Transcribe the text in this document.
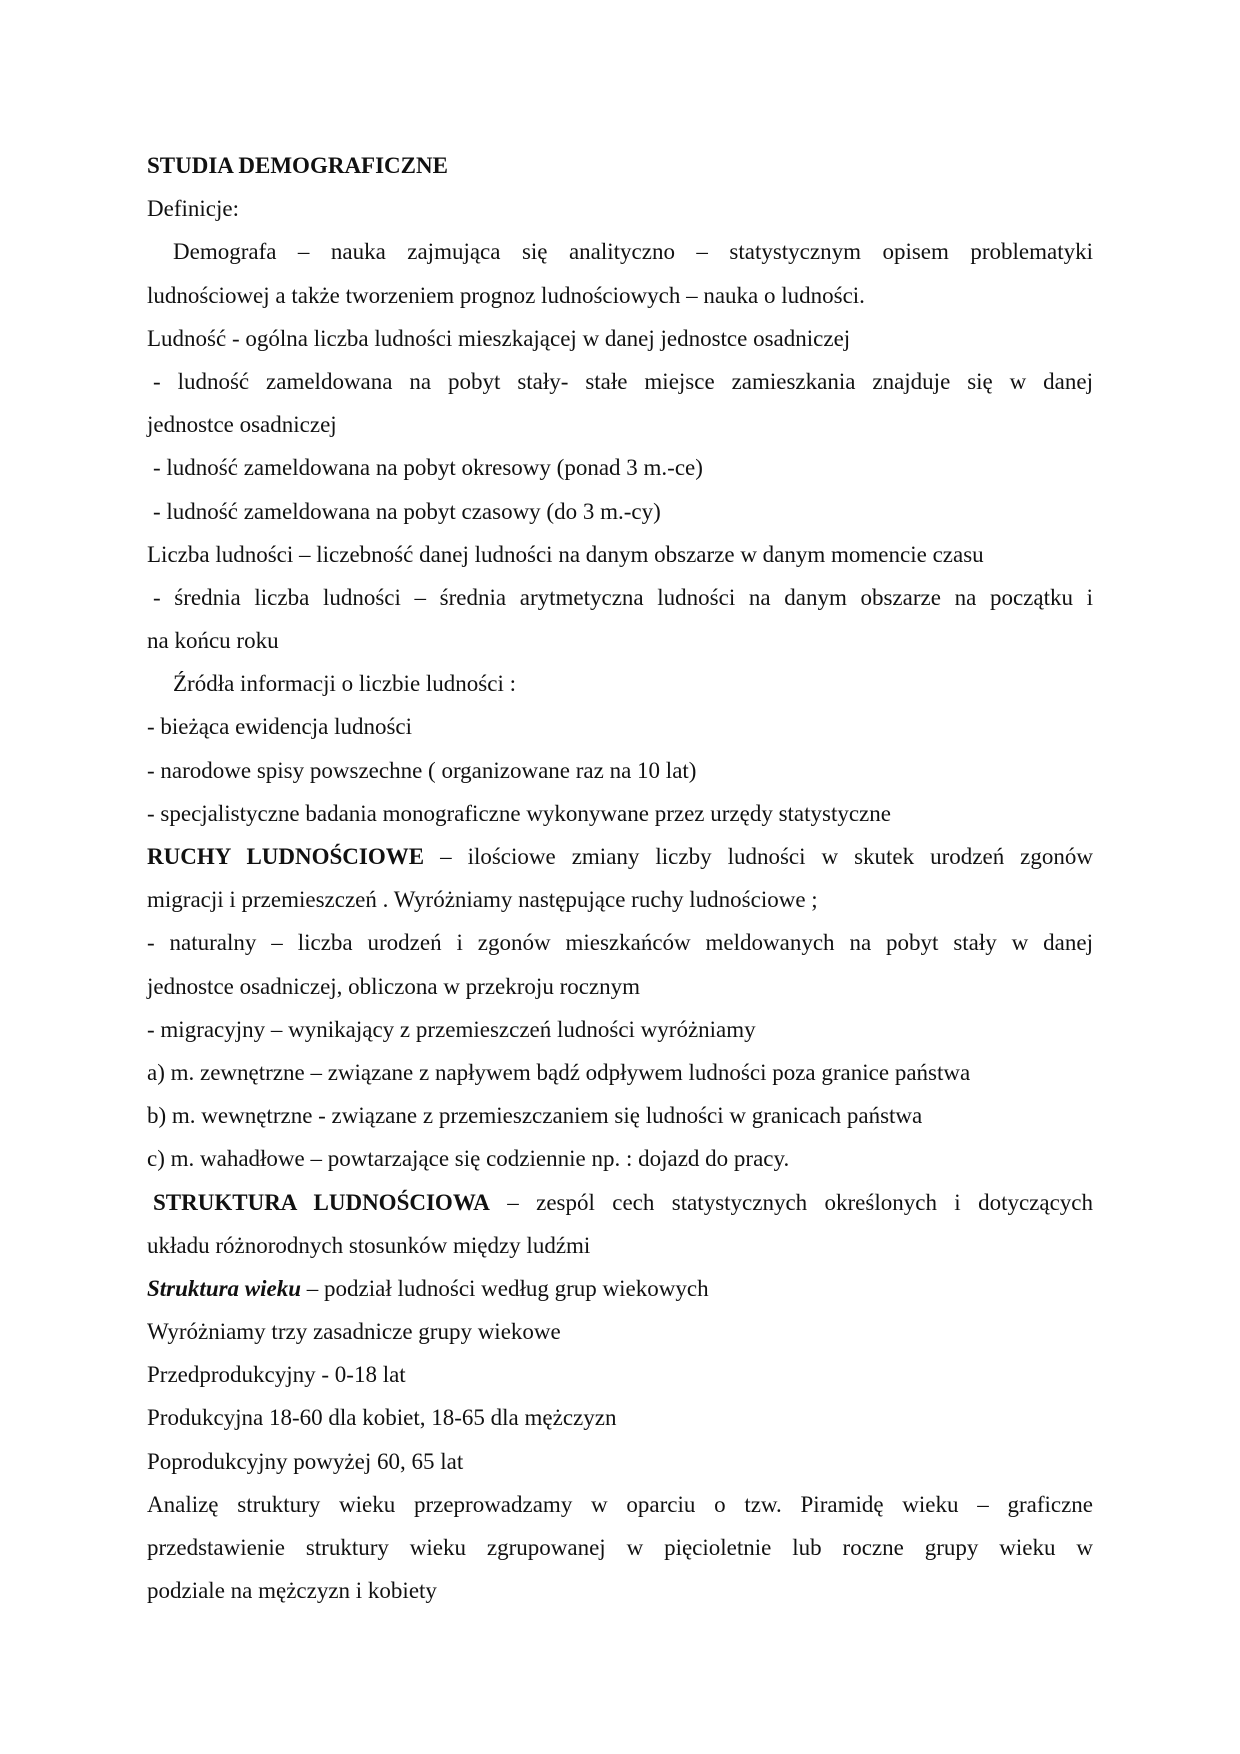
STUDIA DEMOGRAFICZNE
Definicje:
Demografa – nauka zajmująca się analityczno – statystycznym opisem problematyki
ludnościowej a także tworzeniem prognoz ludnościowych – nauka o ludności.
Ludność - ogólna liczba ludności mieszkającej w danej jednostce osadniczej
- ludność zameldowana na pobyt stały- stałe miejsce zamieszkania znajduje się w danej
jednostce osadniczej
- ludność zameldowana na pobyt okresowy (ponad 3 m.-ce)
- ludność zameldowana na pobyt czasowy (do 3 m.-cy)
Liczba ludności – liczebność danej ludności na danym obszarze w danym momencie czasu
- średnia liczba ludności – średnia arytmetyczna ludności na danym obszarze na początku i
na końcu roku
Źródła informacji o liczbie ludności :
- bieżąca ewidencja ludności
- narodowe spisy powszechne ( organizowane raz na 10 lat)
- specjalistyczne badania monograficzne wykonywane przez urzędy statystyczne
RUCHY LUDNOŚCIOWE – ilościowe zmiany liczby ludności w skutek urodzeń zgonów
migracji i przemieszczeń . Wyróżniamy następujące ruchy ludnościowe ;
- naturalny – liczba urodzeń i zgonów mieszkańców meldowanych na pobyt stały w danej
jednostce osadniczej, obliczona w przekroju rocznym
- migracyjny – wynikający z przemieszczeń ludności wyróżniamy
a) m. zewnętrzne – związane z napływem bądź odpływem ludności poza granice państwa
b) m. wewnętrzne - związane z przemieszczaniem się ludności w granicach państwa
c) m. wahadłowe – powtarzające się codziennie np. : dojazd do pracy.
STRUKTURA LUDNOŚCIOWA – zespól cech statystycznych określonych i dotyczących
układu różnorodnych stosunków między ludźmi
Struktura wieku – podział ludności według grup wiekowych
Wyróżniamy trzy zasadnicze grupy wiekowe
Przedprodukcyjny - 0-18 lat
Produkcyjna 18-60 dla kobiet, 18-65 dla mężczyzn
Poprodukcyjny powyżej 60, 65 lat
Analizę struktury wieku przeprowadzamy w oparciu o tzw. Piramidę wieku – graficzne
przedstawienie struktury wieku zgrupowanej w pięcioletnie lub roczne grupy wieku w
podziale na mężczyzn i kobiety
